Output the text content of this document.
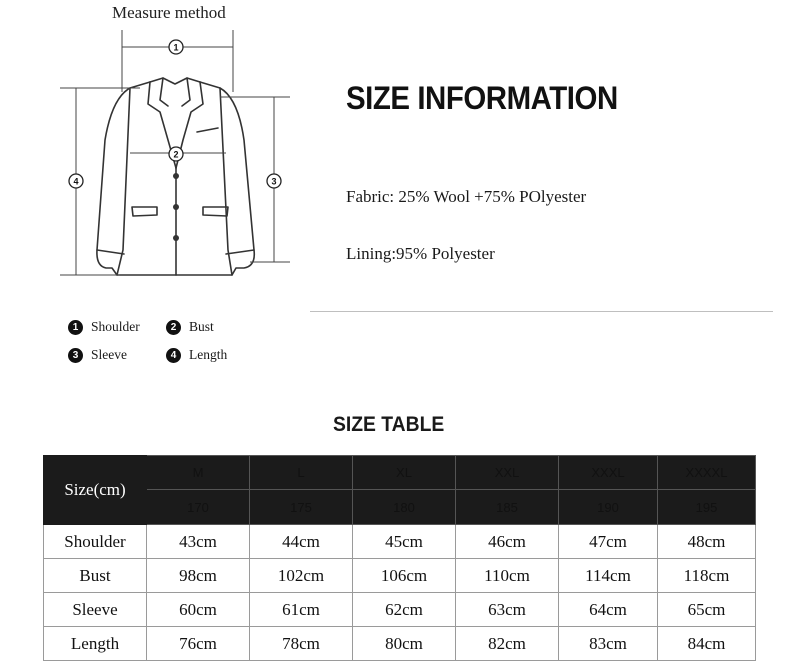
Measure method
1
2
3
4
SIZE INFORMATION
Fabric: 25% Wool +75% POlyester
Lining:95% Polyester
1 Shoulder	2 Bust
3 Sleeve	4 Length
SIZE TABLE
Size(cm)	M	L	XL	XXL	XXXL	XXXXL
	170	175	180	185	190	195
Shoulder	43cm	44cm	45cm	46cm	47cm	48cm
Bust	98cm	102cm	106cm	110cm	114cm	118cm
Sleeve	60cm	61cm	62cm	63cm	64cm	65cm
Length	76cm	78cm	80cm	82cm	83cm	84cm
